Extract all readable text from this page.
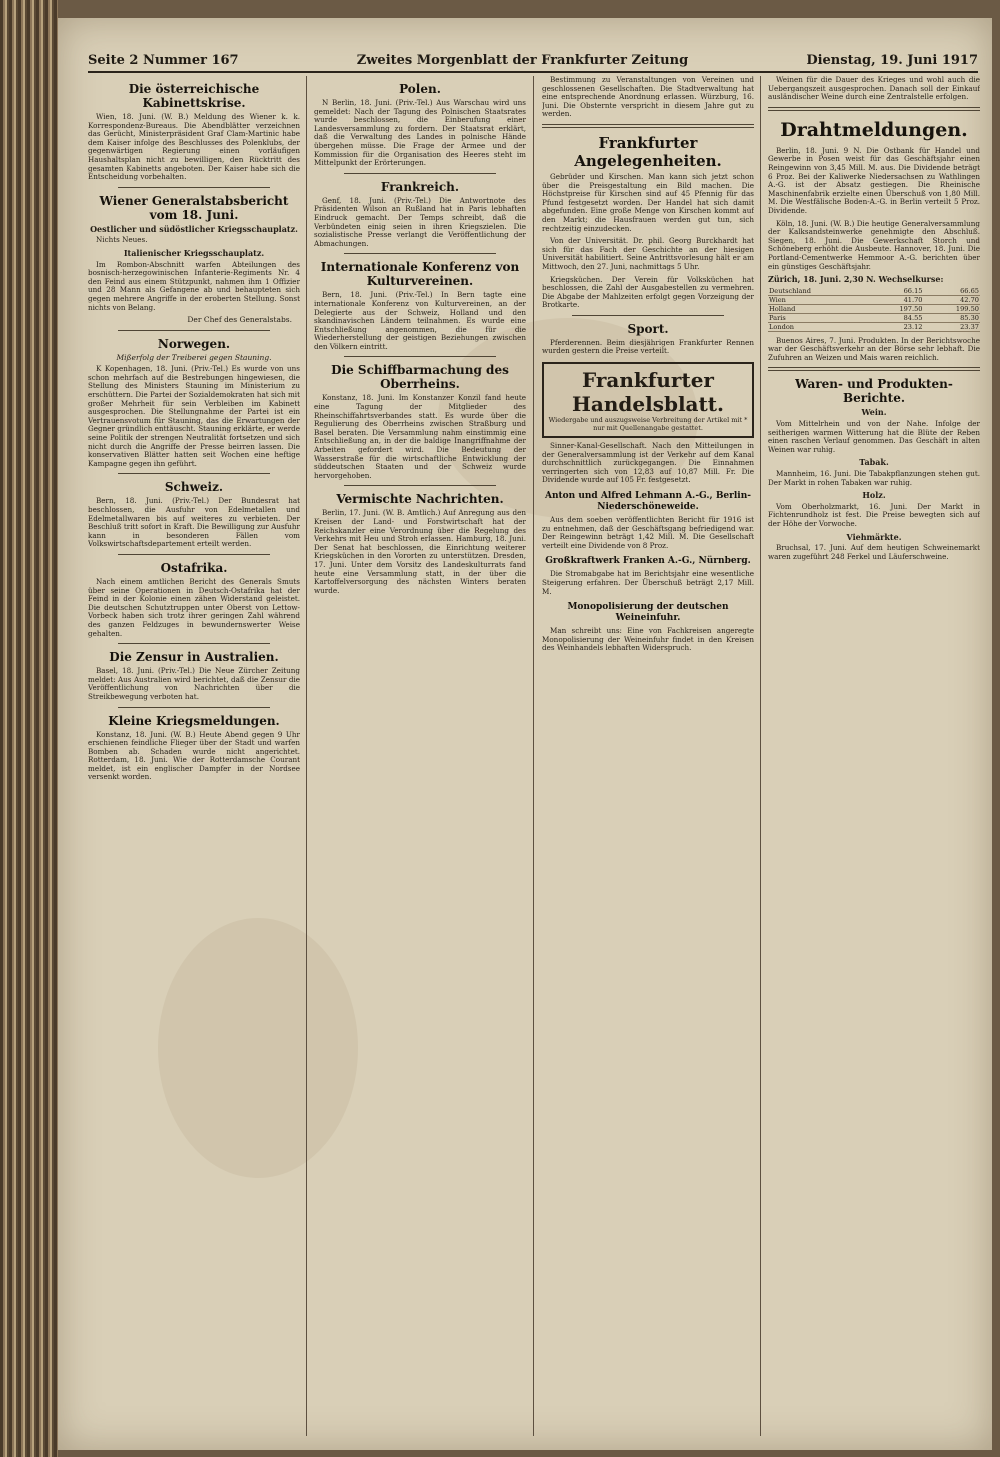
Seite 2 Nummer 167	Zweites Morgenblatt der Frankfurter Zeitung	Dienstag, 19. Juni 1917
Die österreichische Kabinettskrise.

Wien, 18. Juni. (W. B.) Meldung des Wiener k. k. Korrespondenz-Bureaus. Die Abendblätter verzeichnen das Gerücht, Ministerpräsident Graf Clam-Martinic habe dem Kaiser infolge des Beschlusses des Polenklubs, der gegenwärtigen Regierung einen vorläufigen Haushaltsplan nicht zu bewilligen, den Rücktritt des gesamten Kabinetts angeboten. Der Kaiser habe sich die Entscheidung vorbehalten.

Wiener Generalstabsbericht vom 18. Juni.
Oestlicher und südöstlicher Kriegsschauplatz.

Nichts Neues.

Italienischer Kriegsschauplatz.

Im Rombon-Abschnitt warfen Abteilungen des bosnisch-herzegowinischen Infanterie-Regiments Nr. 4 den Feind aus einem Stützpunkt, nahmen ihm 1 Offizier und 28 Mann als Gefangene ab und behaupteten sich gegen mehrere Angriffe in der eroberten Stellung. Sonst nichts von Belang.

Der Chef des Generalstabs.
Norwegen.
Mißerfolg der Treiberei gegen Stauning.

K Kopenhagen, 18. Juni. (Priv.-Tel.) Es wurde von uns schon mehrfach auf die Bestrebungen hingewiesen, die Stellung des Ministers Stauning im Ministerium zu erschüttern. Die Partei der Sozialdemokraten hat sich mit großer Mehrheit für sein Verbleiben im Kabinett ausgesprochen. Die Stellungnahme der Partei ist ein Vertrauensvotum für Stauning, das die Erwartungen der Gegner gründlich enttäuscht. Stauning erklärte, er werde seine Politik der strengen Neutralität fortsetzen und sich nicht durch die Angriffe der Presse beirren lassen. Die konservativen Blätter hatten seit Wochen eine heftige Kampagne gegen ihn geführt.

Schweiz.

Bern, 18. Juni. (Priv.-Tel.) Der Bundesrat hat beschlossen, die Ausfuhr von Edelmetallen und Edelmetallwaren bis auf weiteres zu verbieten. Der Beschluß tritt sofort in Kraft. Die Bewilligung zur Ausfuhr kann in besonderen Fällen vom Volkswirtschaftsdepartement erteilt werden.

Ostafrika.

Nach einem amtlichen Bericht des Generals Smuts über seine Operationen in Deutsch-Ostafrika hat der Feind in der Kolonie einen zähen Widerstand geleistet. Die deutschen Schutztruppen unter Oberst von Lettow-Vorbeck haben sich trotz ihrer geringen Zahl während des ganzen Feldzuges in bewundernswerter Weise gehalten.

Die Zensur in Australien.

Basel, 18. Juni. (Priv.-Tel.) Die Neue Zürcher Zeitung meldet: Aus Australien wird berichtet, daß die Zensur die Veröffentlichung von Nachrichten über die Streikbewegung verboten hat.

Kleine Kriegsmeldungen.

Konstanz, 18. Juni. (W. B.) Heute Abend gegen 9 Uhr erschienen feindliche Flieger über der Stadt und warfen Bomben ab. Schaden wurde nicht angerichtet. Rotterdam, 18. Juni. Wie der Rotterdamsche Courant meldet, ist ein englischer Dampfer in der Nordsee versenkt worden.

Polen.

N Berlin, 18. Juni. (Priv.-Tel.) Aus Warschau wird uns gemeldet: Nach der Tagung des Polnischen Staatsrates wurde beschlossen, die Einberufung einer Landesversammlung zu fordern. Der Staatsrat erklärt, daß die Verwaltung des Landes in polnische Hände übergehen müsse. Die Frage der Armee und der Kommission für die Organisation des Heeres steht im Mittelpunkt der Erörterungen.

Frankreich.

Genf, 18. Juni. (Priv.-Tel.) Die Antwortnote des Präsidenten Wilson an Rußland hat in Paris lebhaften Eindruck gemacht. Der Temps schreibt, daß die Verbündeten einig seien in ihren Kriegszielen. Die sozialistische Presse verlangt die Veröffentlichung der Abmachungen.

Internationale Konferenz von Kulturvereinen.

Bern, 18. Juni. (Priv.-Tel.) In Bern tagte eine internationale Konferenz von Kulturvereinen, an der Delegierte aus der Schweiz, Holland und den skandinavischen Ländern teilnahmen. Es wurde eine Entschließung angenommen, die für die Wiederherstellung der geistigen Beziehungen zwischen den Völkern eintritt.

Die Schiffbarmachung des Oberrheins.

Konstanz, 18. Juni. Im Konstanzer Konzil fand heute eine Tagung der Mitglieder des Rheinschiffahrtsverbandes statt. Es wurde über die Regulierung des Oberrheins zwischen Straßburg und Basel beraten. Die Versammlung nahm einstimmig eine Entschließung an, in der die baldige Inangriffnahme der Arbeiten gefordert wird. Die Bedeutung der Wasserstraße für die wirtschaftliche Entwicklung der süddeutschen Staaten und der Schweiz wurde hervorgehoben.

Vermischte Nachrichten.

Berlin, 17. Juni. (W. B. Amtlich.) Auf Anregung aus den Kreisen der Land- und Forstwirtschaft hat der Reichskanzler eine Verordnung über die Regelung des Verkehrs mit Heu und Stroh erlassen. Hamburg, 18. Juni. Der Senat hat beschlossen, die Einrichtung weiterer Kriegsküchen in den Vororten zu unterstützen. Dresden, 17. Juni. Unter dem Vorsitz des Landeskulturrats fand heute eine Versammlung statt, in der über die Kartoffelversorgung des nächsten Winters beraten wurde.

Bestimmung zu Veranstaltungen von Vereinen und geschlossenen Gesellschaften. Die Stadtverwaltung hat eine entsprechende Anordnung erlassen. Würzburg, 16. Juni. Die Obsternte verspricht in diesem Jahre gut zu werden.

Frankfurter Angelegenheiten.

Gebrüder und Kirschen. Man kann sich jetzt schon über die Preisgestaltung ein Bild machen. Die Höchstpreise für Kirschen sind auf 45 Pfennig für das Pfund festgesetzt worden. Der Handel hat sich damit abgefunden. Eine große Menge von Kirschen kommt auf den Markt; die Hausfrauen werden gut tun, sich rechtzeitig einzudecken.

Von der Universität. Dr. phil. Georg Burckhardt hat sich für das Fach der Geschichte an der hiesigen Universität habilitiert. Seine Antrittsvorlesung hält er am Mittwoch, den 27. Juni, nachmittags 5 Uhr.

Kriegsküchen. Der Verein für Volksküchen hat beschlossen, die Zahl der Ausgabestellen zu vermehren. Die Abgabe der Mahlzeiten erfolgt gegen Vorzeigung der Brotkarte.

Sport.

Pferderennen. Beim diesjährigen Frankfurter Rennen wurden gestern die Preise verteilt.

Frankfurter Handelsblatt.
Wiedergabe und auszugsweise Verbreitung der Artikel mit * nur mit Quellenangabe gestattet.

Sinner-Kanal-Gesellschaft. Nach den Mitteilungen in der Generalversammlung ist der Verkehr auf dem Kanal durchschnittlich zurückgegangen. Die Einnahmen verringerten sich von 12,83 auf 10,87 Mill. Fr. Die Dividende wurde auf 105 Fr. festgesetzt.

Anton und Alfred Lehmann A.-G., Berlin-Niederschöneweide.

Aus dem soeben veröffentlichten Bericht für 1916 ist zu entnehmen, daß der Geschäftsgang befriedigend war. Der Reingewinn beträgt 1,42 Mill. M. Die Gesellschaft verteilt eine Dividende von 8 Proz.

Großkraftwerk Franken A.-G., Nürnberg.

Die Stromabgabe hat im Berichtsjahr eine wesentliche Steigerung erfahren. Der Überschuß beträgt 2,17 Mill. M.

Monopolisierung der deutschen Weineinfuhr.

Man schreibt uns: Eine von Fachkreisen angeregte Monopolisierung der Weineinfuhr findet in den Kreisen des Weinhandels lebhaften Widerspruch.

Weinen für die Dauer des Krieges und wohl auch die Uebergangszeit ausgesprochen. Danach soll der Einkauf ausländischer Weine durch eine Zentralstelle erfolgen.

Drahtmeldungen.

Berlin, 18. Juni. 9 N. Die Ostbank für Handel und Gewerbe in Posen weist für das Geschäftsjahr einen Reingewinn von 3,45 Mill. M. aus. Die Dividende beträgt 6 Proz. Bei der Kaliwerke Niedersachsen zu Wathlingen A.-G. ist der Absatz gestiegen. Die Rheinische Maschinenfabrik erzielte einen Überschuß von 1,80 Mill. M. Die Westfälische Boden-A.-G. in Berlin verteilt 5 Proz. Dividende.

Köln, 18. Juni. (W. B.) Die heutige Generalversammlung der Kalksandsteinwerke genehmigte den Abschluß. Siegen, 18. Juni. Die Gewerkschaft Storch und Schöneberg erhöht die Ausbeute. Hannover, 18. Juni. Die Portland-Cementwerke Hemmoor A.-G. berichten über ein günstiges Geschäftsjahr.

Zürich, 18. Juni. 2,30 N. Wechselkurse:
Deutschland	66.15	66.65
Wien	41.70	42.70
Holland	197.50	199.50
Paris	84.55	85.30
London	23.12	23.37

Buenos Aires, 7. Juni. Produkten. In der Berichtswoche war der Geschäftsverkehr an der Börse sehr lebhaft. Die Zufuhren an Weizen und Mais waren reichlich.

Waren- und Produkten-Berichte.
Wein.

Vom Mittelrhein und von der Nahe. Infolge der seitherigen warmen Witterung hat die Blüte der Reben einen raschen Verlauf genommen. Das Geschäft in alten Weinen war ruhig.

Tabak.

Mannheim, 16. Juni. Die Tabakpflanzungen stehen gut. Der Markt in rohen Tabaken war ruhig.

Holz.

Vom Oberholzmarkt, 16. Juni. Der Markt in Fichtenrundholz ist fest. Die Preise bewegten sich auf der Höhe der Vorwoche.

Viehmärkte.

Bruchsal, 17. Juni. Auf dem heutigen Schweinemarkt waren zugeführt 248 Ferkel und Läuferschweine.
